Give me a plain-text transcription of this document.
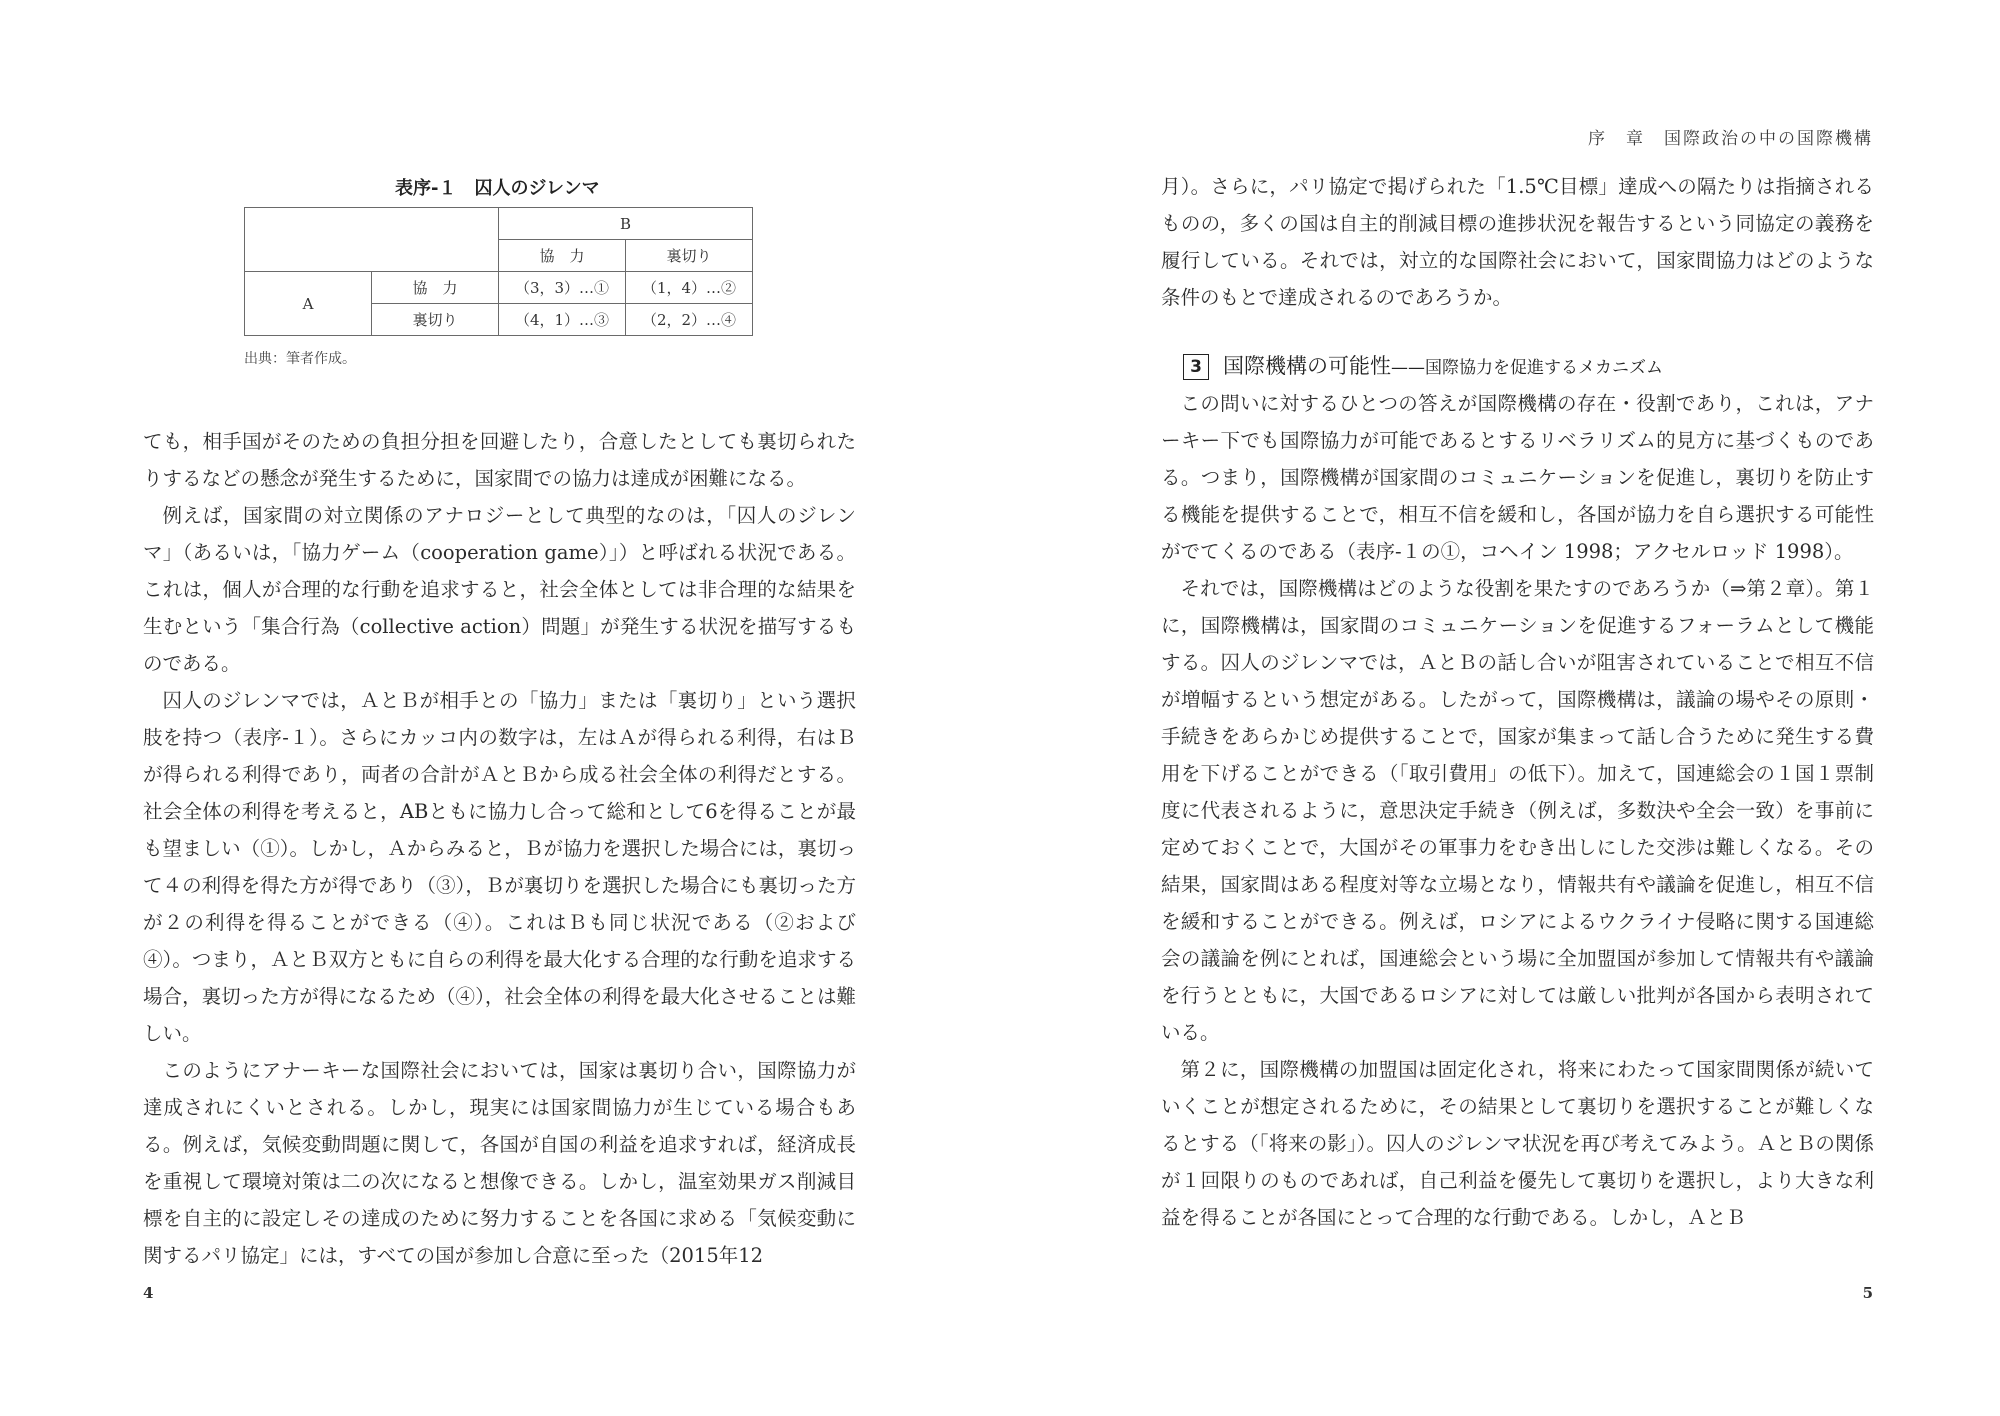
表序-１　囚人のジレンマ
		B	
		協　力	裏切り
A	協　力	（3，3）…①	（1，4）…②
	裏切り	（4，1）…③	（2，2）…④
出典：筆者作成。

ても，相手国がそのための負担分担を回避したり，合意したとしても裏切られたりするなどの懸念が発生するために，国家間での協力は達成が困難になる。

例えば，国家間の対立関係のアナロジーとして典型的なのは，「囚人のジレンマ」（あるいは，「協力ゲーム（cooperation game）」）と呼ばれる状況である。これは，個人が合理的な行動を追求すると，社会全体としては非合理的な結果を生むという「集合行為（collective action）問題」が発生する状況を描写するものである。

囚人のジレンマでは，ＡとＢが相手との「協力」または「裏切り」という選択肢を持つ（表序-１）。さらにカッコ内の数字は，左はＡが得られる利得，右はＢが得られる利得であり，両者の合計がＡとＢから成る社会全体の利得だとする。社会全体の利得を考えると，ABともに協力し合って総和として6を得ることが最も望ましい（①）。しかし，Ａからみると，Ｂが協力を選択した場合には，裏切って４の利得を得た方が得であり（③），Ｂが裏切りを選択した場合にも裏切った方が２の利得を得ることができる（④）。これはＢも同じ状況である（②および④）。つまり，ＡとＢ双方ともに自らの利得を最大化する合理的な行動を追求する場合，裏切った方が得になるため（④），社会全体の利得を最大化させることは難しい。

このようにアナーキーな国際社会においては，国家は裏切り合い，国際協力が達成されにくいとされる。しかし，現実には国家間協力が生じている場合もある。例えば，気候変動問題に関して，各国が自国の利益を追求すれば，経済成長を重視して環境対策は二の次になると想像できる。しかし，温室効果ガス削減目標を自主的に設定しその達成のために努力することを各国に求める「気候変動に関するパリ協定」には，すべての国が参加し合意に至った（2015年12

4
序　章　国際政治の中の国際機構

月）。さらに，パリ協定で掲げられた「1.5℃目標」達成への隔たりは指摘されるものの，多くの国は自主的削減目標の進捗状況を報告するという同協定の義務を履行している。それでは，対立的な国際社会において，国家間協力はどのような条件のもとで達成されるのであろうか。

3 国際機構の可能性——国際協力を促進するメカニズム

この問いに対するひとつの答えが国際機構の存在・役割であり，これは，アナーキー下でも国際協力が可能であるとするリベラリズム的見方に基づくものである。つまり，国際機構が国家間のコミュニケーションを促進し，裏切りを防止する機能を提供することで，相互不信を緩和し，各国が協力を自ら選択する可能性がでてくるのである（表序-１の①，コヘイン 1998；アクセルロッド 1998）。

それでは，国際機構はどのような役割を果たすのであろうか（⇒第２章）。第１に，国際機構は，国家間のコミュニケーションを促進するフォーラムとして機能する。囚人のジレンマでは，ＡとＢの話し合いが阻害されていることで相互不信が増幅するという想定がある。したがって，国際機構は，議論の場やその原則・手続きをあらかじめ提供することで，国家が集まって話し合うために発生する費用を下げることができる（「取引費用」の低下）。加えて，国連総会の１国１票制度に代表されるように，意思決定手続き（例えば，多数決や全会一致）を事前に定めておくことで，大国がその軍事力をむき出しにした交渉は難しくなる。その結果，国家間はある程度対等な立場となり，情報共有や議論を促進し，相互不信を緩和することができる。例えば，ロシアによるウクライナ侵略に関する国連総会の議論を例にとれば，国連総会という場に全加盟国が参加して情報共有や議論を行うとともに，大国であるロシアに対しては厳しい批判が各国から表明されている。

第２に，国際機構の加盟国は固定化され，将来にわたって国家間関係が続いていくことが想定されるために，その結果として裏切りを選択することが難しくなるとする（「将来の影」）。囚人のジレンマ状況を再び考えてみよう。ＡとＢの関係が１回限りのものであれば，自己利益を優先して裏切りを選択し，より大きな利益を得ることが各国にとって合理的な行動である。しかし，ＡとＢ

5
